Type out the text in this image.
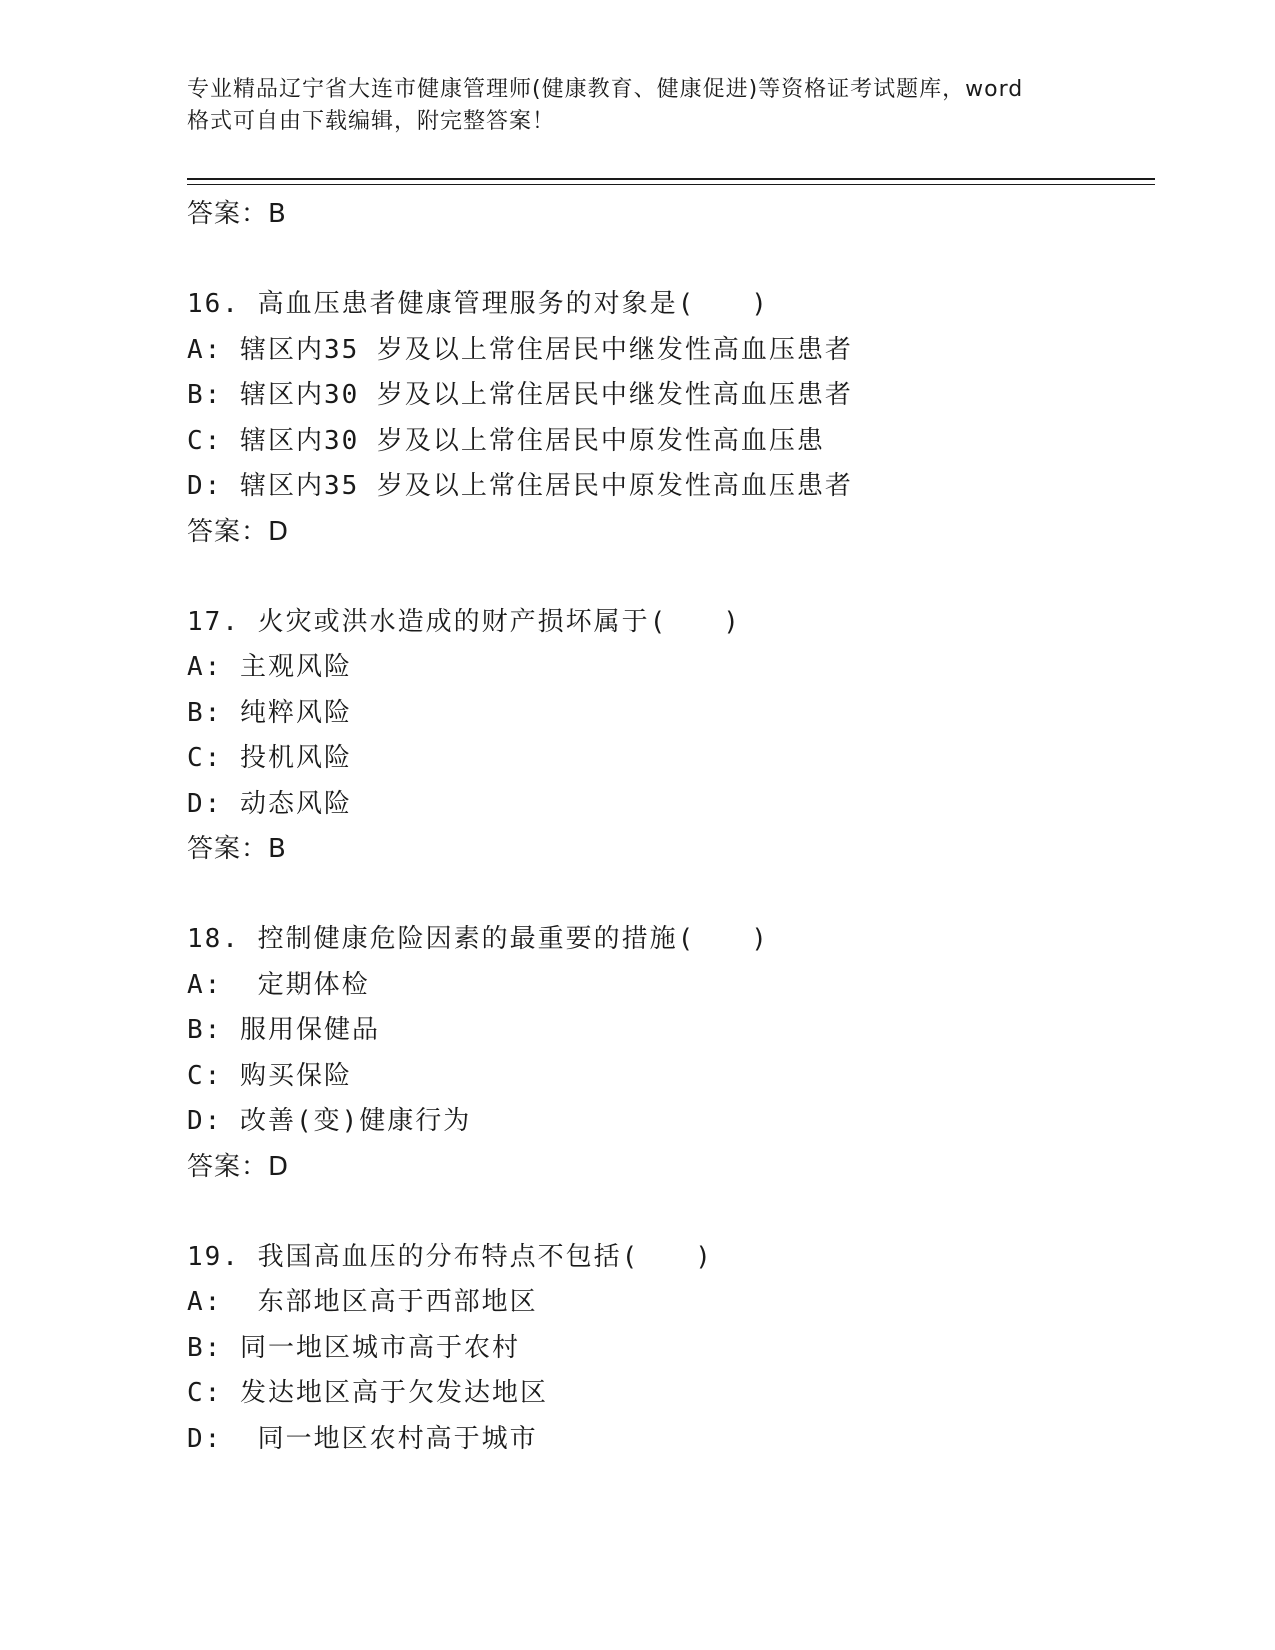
专业精品辽宁省大连市健康管理师(健康教育、健康促进)等资格证考试题库，word
格式可自由下载编辑，附完整答案！
答案：B
16. 高血压患者健康管理服务的对象是(　　)
A: 辖区内35 岁及以上常住居民中继发性高血压患者
B: 辖区内30 岁及以上常住居民中继发性高血压患者
C: 辖区内30 岁及以上常住居民中原发性高血压患
D: 辖区内35 岁及以上常住居民中原发性高血压患者
答案：D
17. 火灾或洪水造成的财产损坏属于(　　)
A: 主观风险
B: 纯粹风险
C: 投机风险
D: 动态风险
答案：B
18. 控制健康危险因素的最重要的措施(　　)
A:  定期体检
B: 服用保健品
C: 购买保险
D: 改善(变)健康行为
答案：D
19. 我国高血压的分布特点不包括(　　)
A:  东部地区高于西部地区
B: 同一地区城市高于农村
C: 发达地区高于欠发达地区
D:  同一地区农村高于城市
